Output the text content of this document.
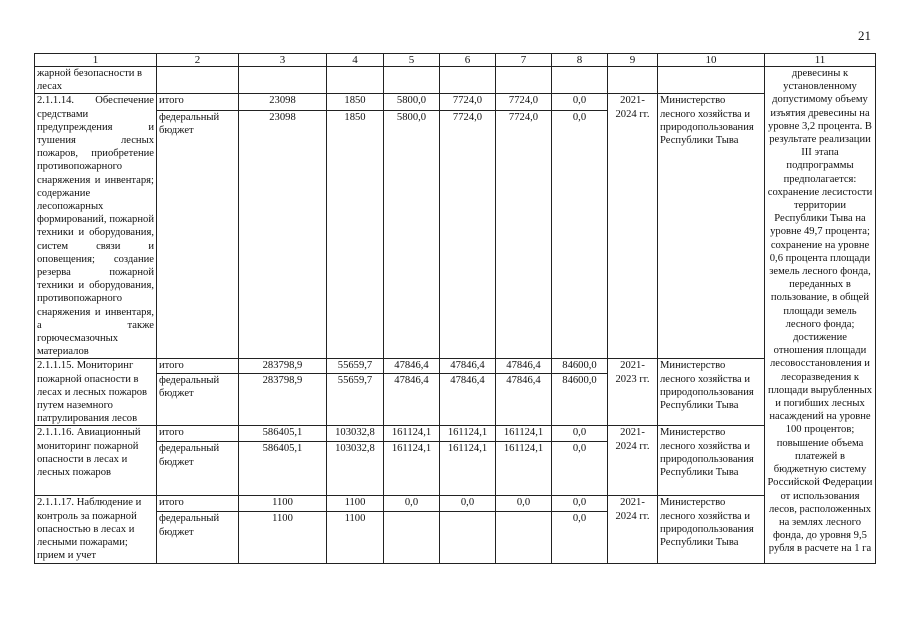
21
1	2	3	4	5	6	7	8	9	10	11
жарной безопасности в лесах										древесины к установленному допустимому объему изъятия древесины на уровне 3,2 процента. В результате реализации III этапа подпрограммы предполагается: сохранение лесистости территории Республики Тыва на уровне 49,7 процента; сохранение на уровне 0,6 процента площади земель лесного фонда, переданных в пользование, в общей площади земель лесного фонда; достижение отношения площади лесовосстановления и лесоразведения к площади вырубленных и погибших лесных насаждений на уровне 100 процентов; повышение объема платежей в бюджетную систему Российской Федерации от использования лесов, расположенных на землях лесного фонда, до уровня 9,5 рубля в расчете на 1 га
2.1.1.14. Обеспечение средствами предупреждения и тушения лесных пожаров, приобретение противопожарного снаряжения и инвентаря; содержание лесопожарных формирований, пожарной техники и оборудования, систем связи и оповещения; создание резерва пожарной техники и оборудования, противопожарного снаряжения и инвентаря, а также горючесмазочных материалов	итого	23098	1850	5800,0	7724,0	7724,0	0,0	2021-2024 гг.	Министерство лесного хозяйства и природопользования Республики Тыва	
	федеральный бюджет	23098	1850	5800,0	7724,0	7724,0	0,0			
2.1.1.15. Мониторинг пожарной опасности в лесах и лесных пожаров путем наземного патрулирования лесов	итого	283798,9	55659,7	47846,4	47846,4	47846,4	84600,0	2021-2023 гг.	Министерство лесного хозяйства и природопользования Республики Тыва	
	федеральный бюджет	283798,9	55659,7	47846,4	47846,4	47846,4	84600,0			
2.1.1.16. Авиационный мониторинг пожарной опасности в лесах и лесных пожаров	итого	586405,1	103032,8	161124,1	161124,1	161124,1	0,0	2021-2024 гг.	Министерство лесного хозяйства и природопользования Республики Тыва	
	федеральный бюджет	586405,1	103032,8	161124,1	161124,1	161124,1	0,0			
2.1.1.17. Наблюдение и контроль за пожарной опасностью в лесах и лесными пожарами; прием и учет	итого	1100	1100	0,0	0,0	0,0	0,0	2021-2024 гг.	Министерство лесного хозяйства и природопользования Республики Тыва	
	федеральный бюджет	1100	1100				0,0			
